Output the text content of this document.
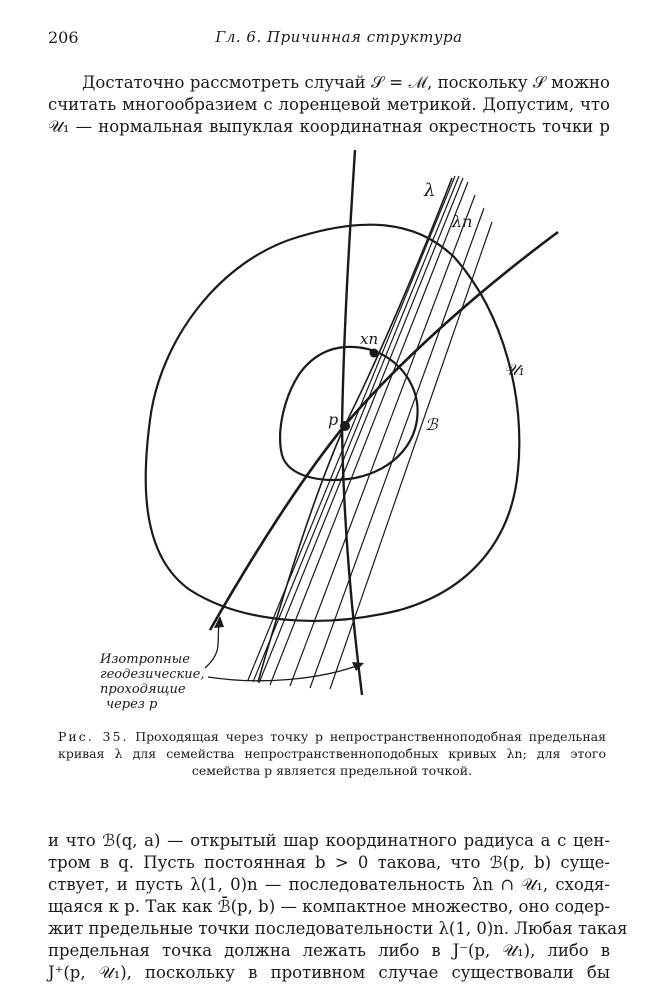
206	Гл. 6. Причинная структура
Достаточно рассмотреть случай 𝒮 = ℳ, поскольку 𝒮 можно
считать многообразием с лоренцевой метрикой. Допустим, что
𝒰₁ — нормальная выпуклая координатная окрестность точки p
λ
λn
xn
p	ℬ
𝒰₁
Изотропные
геодезические,
проходящие
через p
Рис. 35. Проходящая через точку p непространственноподобная предельная
кривая λ для семейства непространственноподобных кривых λn; для этого
семейства p является предельной точкой.
и что ℬ(q, a) — открытый шар координатного радиуса a с цен-
тром в q. Пусть постоянная b > 0 такова, что ℬ(p, b) суще-
ствует, и пусть λ(1, 0)n — последовательность λn ∩ 𝒰₁, сходя-
щаяся к p. Так как ℬ̄(p, b) — компактное множество, оно содер-
жит предельные точки последовательности λ(1, 0)n. Любая такая
предельная точка должна лежать либо в J⁻(p, 𝒰₁), либо в
J⁺(p, 𝒰₁), поскольку в противном случае существовали бы
